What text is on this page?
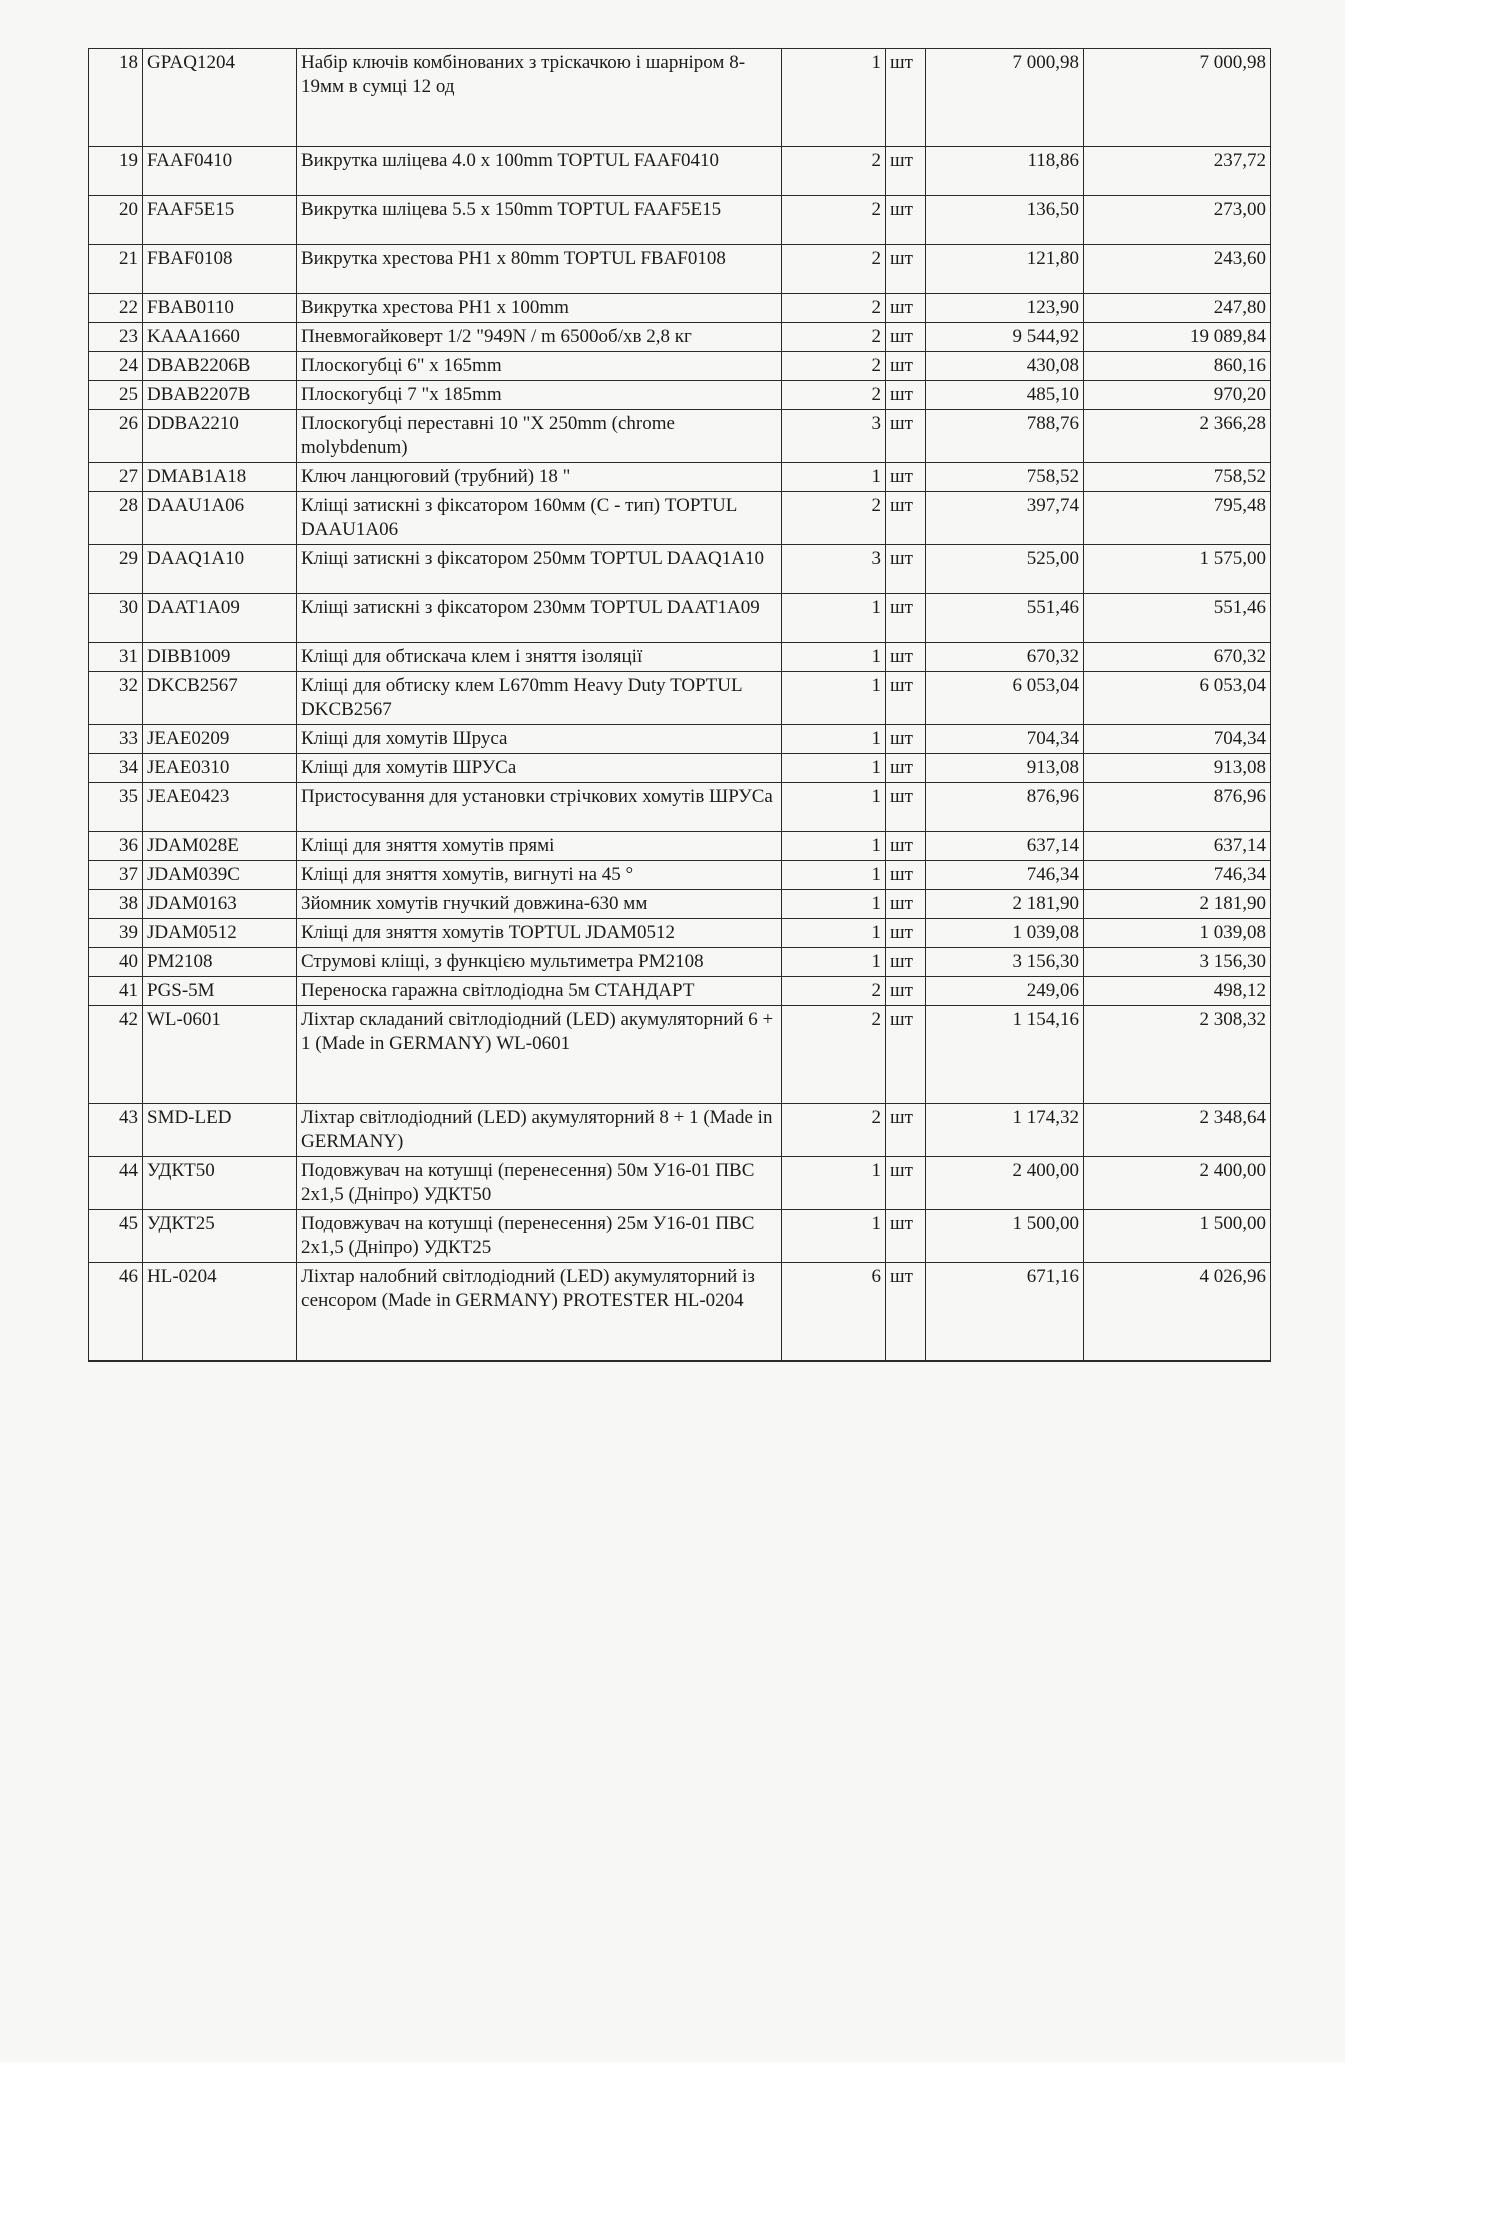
18	GPAQ1204	Набір ключів комбінованих з тріскачкою і шарніром 8-19мм в сумці 12 од	1	шт	7 000,98	7 000,98
19	FAAF0410	Викрутка шліцева 4.0 x 100mm TOPTUL FAAF0410	2	шт	118,86	237,72
20	FAAF5E15	Викрутка шліцева 5.5 x 150mm TOPTUL FAAF5E15	2	шт	136,50	273,00
21	FBAF0108	Викрутка хрестова PH1 x 80mm TOPTUL FBAF0108	2	шт	121,80	243,60
22	FBAB0110	Викрутка хрестова PH1 x 100mm	2	шт	123,90	247,80
23	KAAA1660	Пневмогайковерт 1/2 "949N / m 6500об/хв 2,8 кг	2	шт	9 544,92	19 089,84
24	DBAB2206B	Плоскогубці 6" x 165mm	2	шт	430,08	860,16
25	DBAB2207B	Плоскогубці 7 "x 185mm	2	шт	485,10	970,20
26	DDBA2210	Плоскогубці переставні 10 "X 250mm (chrome molybdenum)	3	шт	788,76	2 366,28
27	DMAB1A18	Ключ ланцюговий (трубний) 18 "	1	шт	758,52	758,52
28	DAAU1A06	Кліщі затискні з фіксатором 160мм (С - тип) TOPTUL DAAU1A06	2	шт	397,74	795,48
29	DAAQ1A10	Кліщі затискні з фіксатором 250мм TOPTUL DAAQ1A10	3	шт	525,00	1 575,00
30	DAAT1A09	Кліщі затискні з фіксатором 230мм TOPTUL DAAT1A09	1	шт	551,46	551,46
31	DIBB1009	Кліщі для обтискача клем і зняття ізоляції	1	шт	670,32	670,32
32	DKCB2567	Кліщі для обтиску клем L670mm Heavy Duty TOPTUL DKCB2567	1	шт	6 053,04	6 053,04
33	JEAE0209	Кліщі для хомутів Шруса	1	шт	704,34	704,34
34	JEAE0310	Кліщі для хомутів ШРУСа	1	шт	913,08	913,08
35	JEAE0423	Пристосування для установки стрічкових хомутів ШРУСа	1	шт	876,96	876,96
36	JDAM028E	Кліщі для зняття хомутів прямі	1	шт	637,14	637,14
37	JDAM039C	Кліщі для зняття хомутів, вигнуті на 45 °	1	шт	746,34	746,34
38	JDAM0163	Зйомник хомутів гнучкий довжина-630 мм	1	шт	2 181,90	2 181,90
39	JDAM0512	Кліщі для зняття хомутів TOPTUL JDAM0512	1	шт	1 039,08	1 039,08
40	PM2108	Струмові кліщі, з функцією мультиметра PM2108	1	шт	3 156,30	3 156,30
41	PGS-5M	Переноска гаражна світлодіодна 5м СТАНДАРТ	2	шт	249,06	498,12
42	WL-0601	Ліхтар складаний світлодіодний (LED) акумуляторний 6 + 1 (Made in GERMANY) WL-0601	2	шт	1 154,16	2 308,32
43	SMD-LED	Ліхтар світлодіодний (LED) акумуляторний 8 + 1 (Made in GERMANY)	2	шт	1 174,32	2 348,64
44	УДКТ50	Подовжувач на котушці (перенесення) 50м У16-01 ПВС 2х1,5 (Дніпро) УДКТ50	1	шт	2 400,00	2 400,00
45	УДКТ25	Подовжувач на котушці (перенесення) 25м У16-01 ПВС 2х1,5 (Дніпро) УДКТ25	1	шт	1 500,00	1 500,00
46	HL-0204	Ліхтар налобний світлодіодний (LED) акумуляторний із сенсором (Made in GERMANY) PROTESTER HL-0204	6	шт	671,16	4 026,96
